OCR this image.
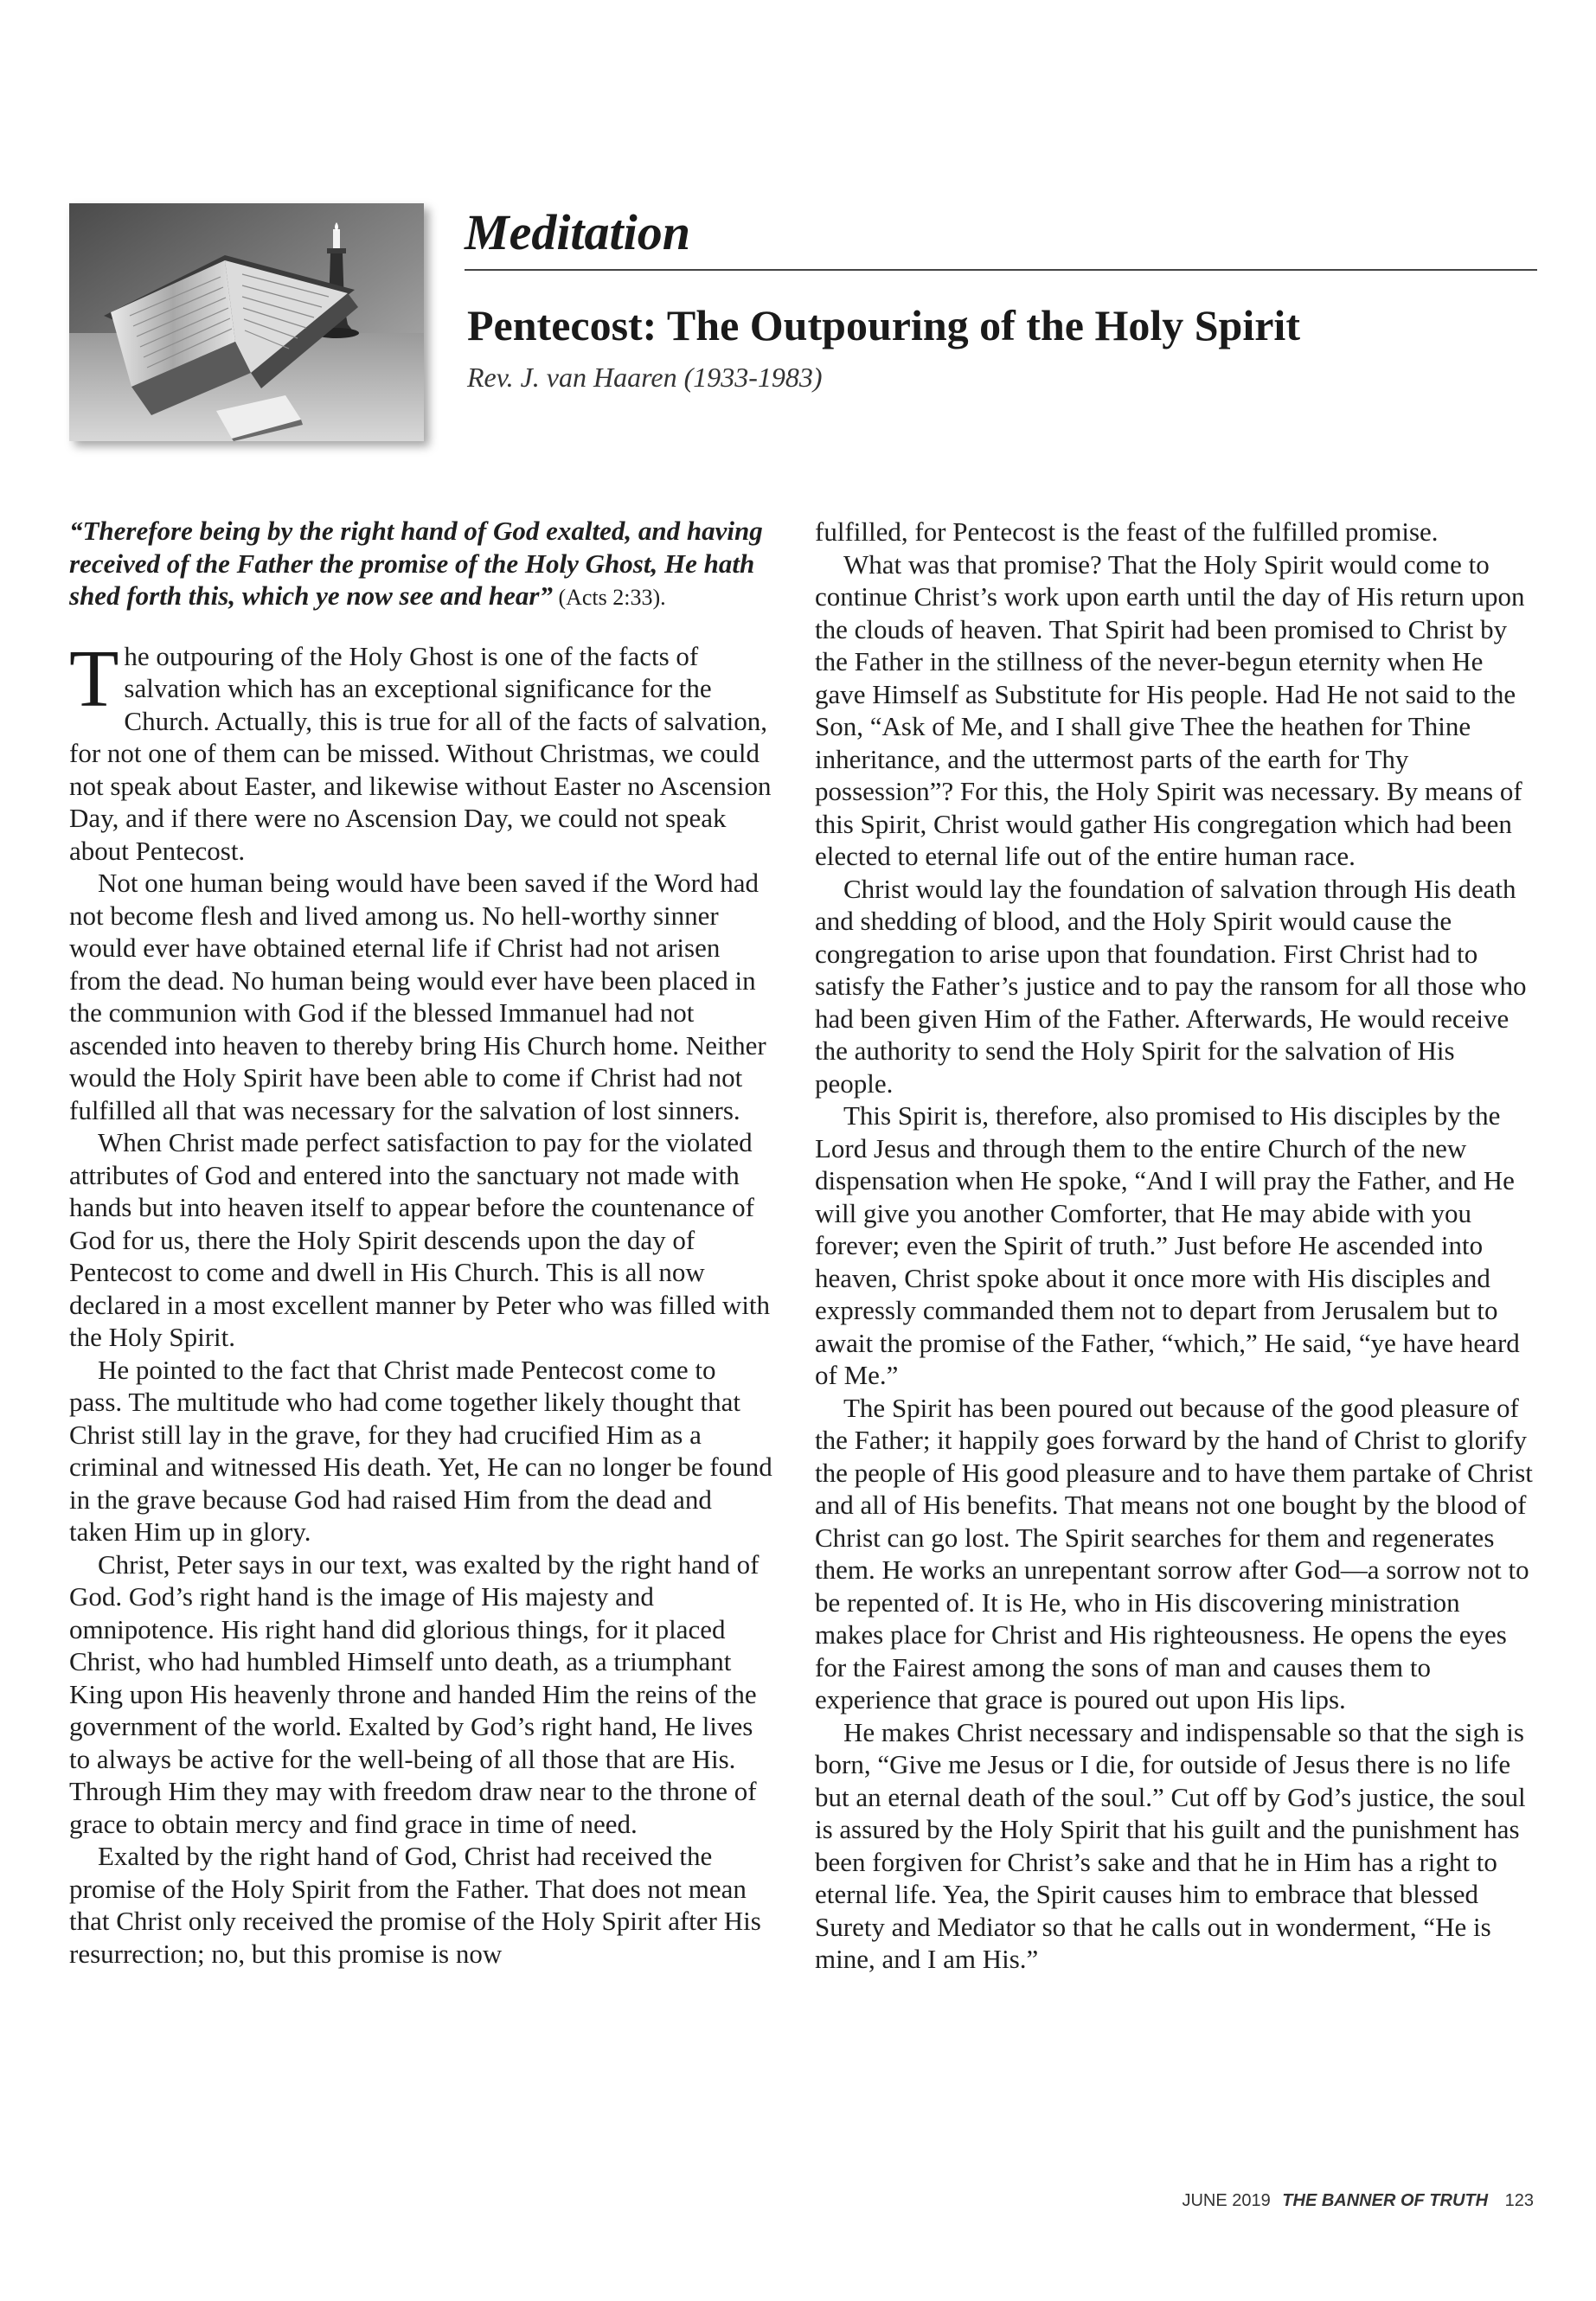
Meditation
Pentecost: The Outpouring of the Holy Spirit
Rev. J. van Haaren (1933-1983)

“Therefore being by the right hand of God exalted, and having received of the Father the promise of the Holy Ghost, He hath shed forth this, which ye now see and hear” (Acts 2:33).

The outpouring of the Holy Ghost is one of the facts of salvation which has an exceptional significance for the Church. Actually, this is true for all of the facts of salvation, for not one of them can be missed. Without Christmas, we could not speak about Easter, and likewise without Easter no Ascension Day, and if there were no Ascension Day, we could not speak about Pentecost.

Not one human being would have been saved if the Word had not become flesh and lived among us. No hell-worthy sinner would ever have obtained eternal life if Christ had not arisen from the dead. No human being would ever have been placed in the communion with God if the blessed Immanuel had not ascended into heaven to thereby bring His Church home. Neither would the Holy Spirit have been able to come if Christ had not fulfilled all that was necessary for the salvation of lost sinners.

When Christ made perfect satisfaction to pay for the violated attributes of God and entered into the sanctuary not made with hands but into heaven itself to appear before the countenance of God for us, there the Holy Spirit descends upon the day of Pentecost to come and dwell in His Church. This is all now declared in a most excellent manner by Peter who was filled with the Holy Spirit.

He pointed to the fact that Christ made Pentecost come to pass. The multitude who had come together likely thought that Christ still lay in the grave, for they had crucified Him as a criminal and witnessed His death. Yet, He can no longer be found in the grave because God had raised Him from the dead and taken Him up in glory.

Christ, Peter says in our text, was exalted by the right hand of God. God’s right hand is the image of His majesty and omnipotence. His right hand did glorious things, for it placed Christ, who had humbled Himself unto death, as a triumphant King upon His heavenly throne and handed Him the reins of the government of the world. Exalted by God’s right hand, He lives to always be active for the well-being of all those that are His. Through Him they may with freedom draw near to the throne of grace to obtain mercy and find grace in time of need.

Exalted by the right hand of God, Christ had received the promise of the Holy Spirit from the Father. That does not mean that Christ only received the promise of the Holy Spirit after His resurrection; no, but this promise is now

fulfilled, for Pentecost is the feast of the fulfilled promise.

What was that promise? That the Holy Spirit would come to continue Christ’s work upon earth until the day of His return upon the clouds of heaven. That Spirit had been promised to Christ by the Father in the stillness of the never-begun eternity when He gave Himself as Substitute for His people. Had He not said to the Son, “Ask of Me, and I shall give Thee the heathen for Thine inheritance, and the uttermost parts of the earth for Thy possession”? For this, the Holy Spirit was necessary. By means of this Spirit, Christ would gather His congregation which had been elected to eternal life out of the entire human race.

Christ would lay the foundation of salvation through His death and shedding of blood, and the Holy Spirit would cause the congregation to arise upon that foundation. First Christ had to satisfy the Father’s justice and to pay the ransom for all those who had been given Him of the Father. Afterwards, He would receive the authority to send the Holy Spirit for the salvation of His people.

This Spirit is, therefore, also promised to His disciples by the Lord Jesus and through them to the entire Church of the new dispensation when He spoke, “And I will pray the Father, and He will give you another Comforter, that He may abide with you forever; even the Spirit of truth.” Just before He ascended into heaven, Christ spoke about it once more with His disciples and expressly commanded them not to depart from Jerusalem but to await the promise of the Father, “which,” He said, “ye have heard of Me.”

The Spirit has been poured out because of the good pleasure of the Father; it happily goes forward by the hand of Christ to glorify the people of His good pleasure and to have them partake of Christ and all of His benefits. That means not one bought by the blood of Christ can go lost. The Spirit searches for them and regenerates them. He works an unrepentant sorrow after God—a sorrow not to be repented of. It is He, who in His discovering ministration makes place for Christ and His righteousness. He opens the eyes for the Fairest among the sons of man and causes them to experience that grace is poured out upon His lips.

He makes Christ necessary and indispensable so that the sigh is born, “Give me Jesus or I die, for outside of Jesus there is no life but an eternal death of the soul.” Cut off by God’s justice, the soul is assured by the Holy Spirit that his guilt and the punishment has been forgiven for Christ’s sake and that he in Him has a right to eternal life. Yea, the Spirit causes him to embrace that blessed Surety and Mediator so that he calls out in wonderment, “He is mine, and I am His.”

JUNE 2019 THE BANNER OF TRUTH 123
